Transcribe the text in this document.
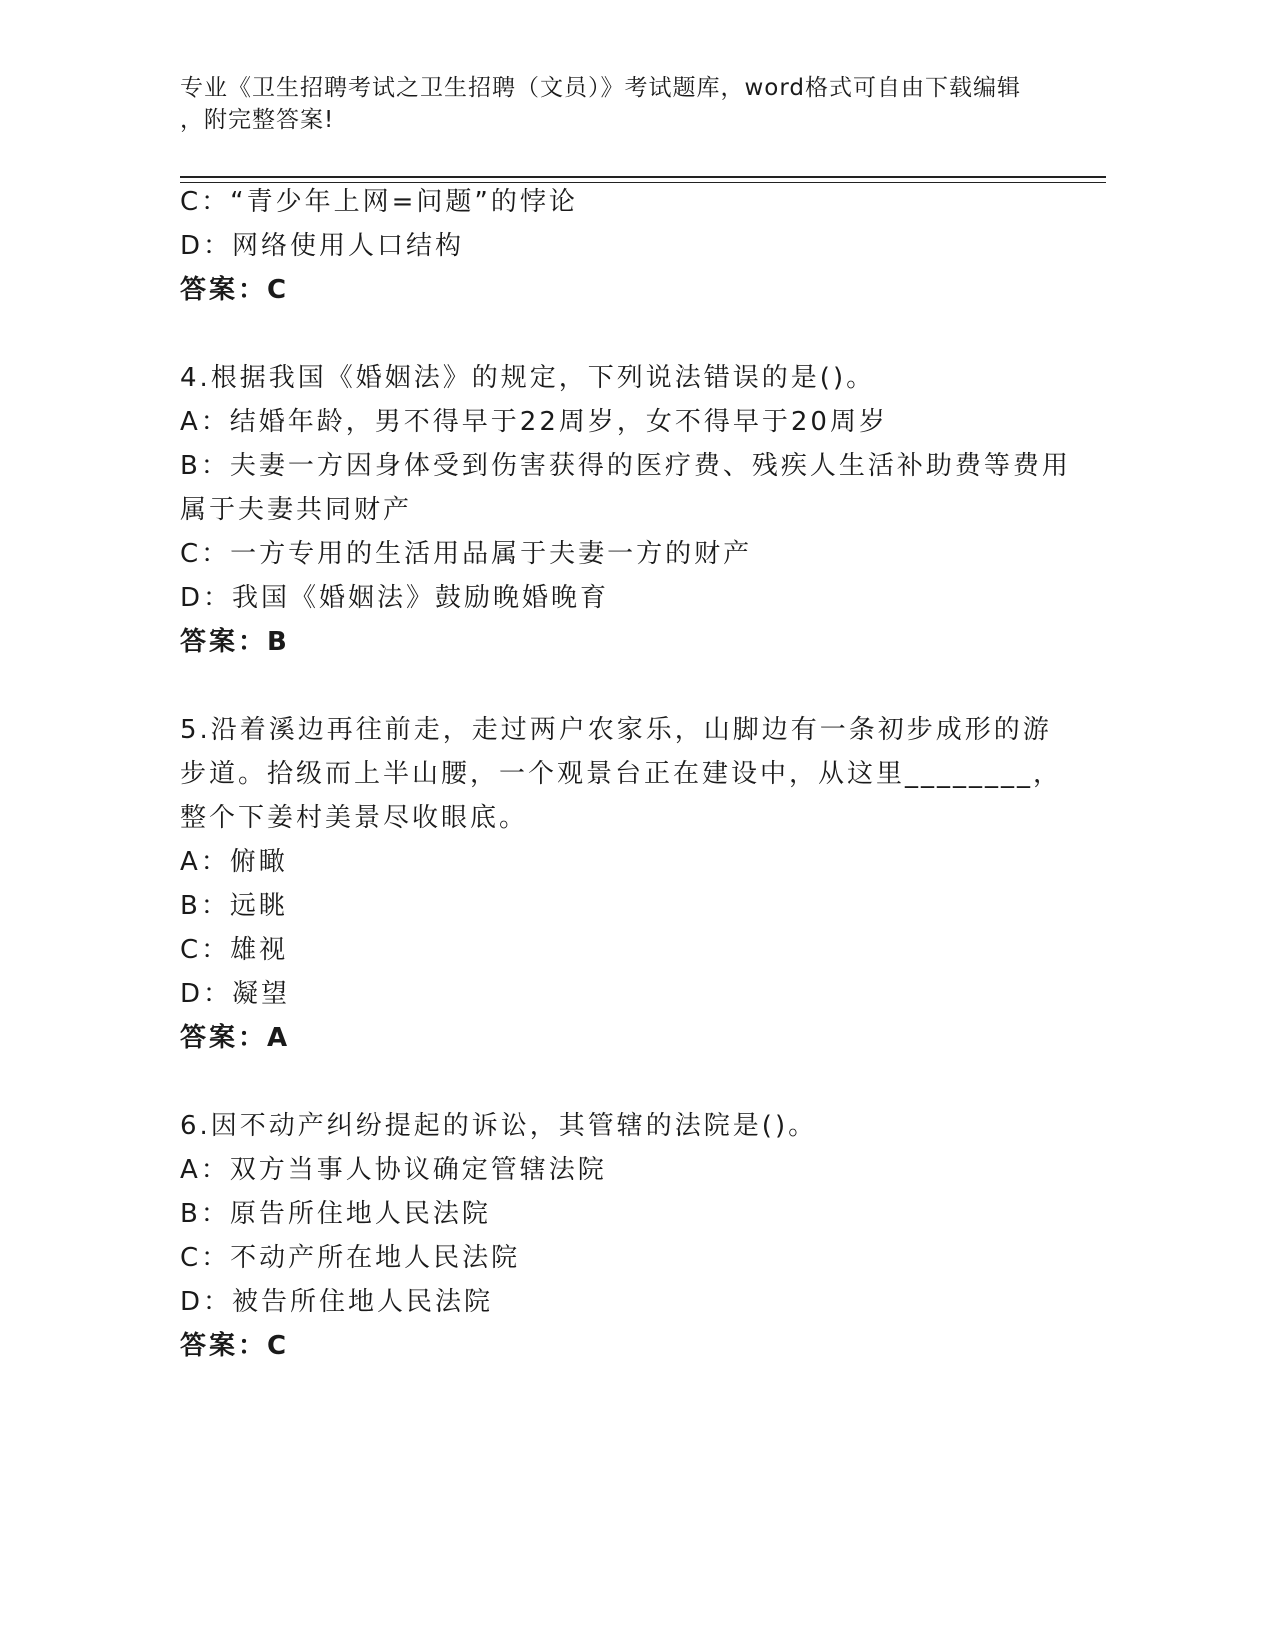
专业《卫生招聘考试之卫生招聘（文员）》考试题库，word格式可自由下载编辑
，附完整答案!
C：“青少年上网=问题”的悖论
D：网络使用人口结构
答案：C
4.根据我国《婚姻法》的规定，下列说法错误的是()。
A：结婚年龄，男不得早于22周岁，女不得早于20周岁
B：夫妻一方因身体受到伤害获得的医疗费、残疾人生活补助费等费用
属于夫妻共同财产
C：一方专用的生活用品属于夫妻一方的财产
D：我国《婚姻法》鼓励晚婚晚育
答案：B
5.沿着溪边再往前走，走过两户农家乐，山脚边有一条初步成形的游
步道。拾级而上半山腰，一个观景台正在建设中，从这里________，
整个下姜村美景尽收眼底。
A：俯瞰
B：远眺
C：雄视
D：凝望
答案：A
6.因不动产纠纷提起的诉讼，其管辖的法院是()。
A：双方当事人协议确定管辖法院
B：原告所住地人民法院
C：不动产所在地人民法院
D：被告所住地人民法院
答案：C
